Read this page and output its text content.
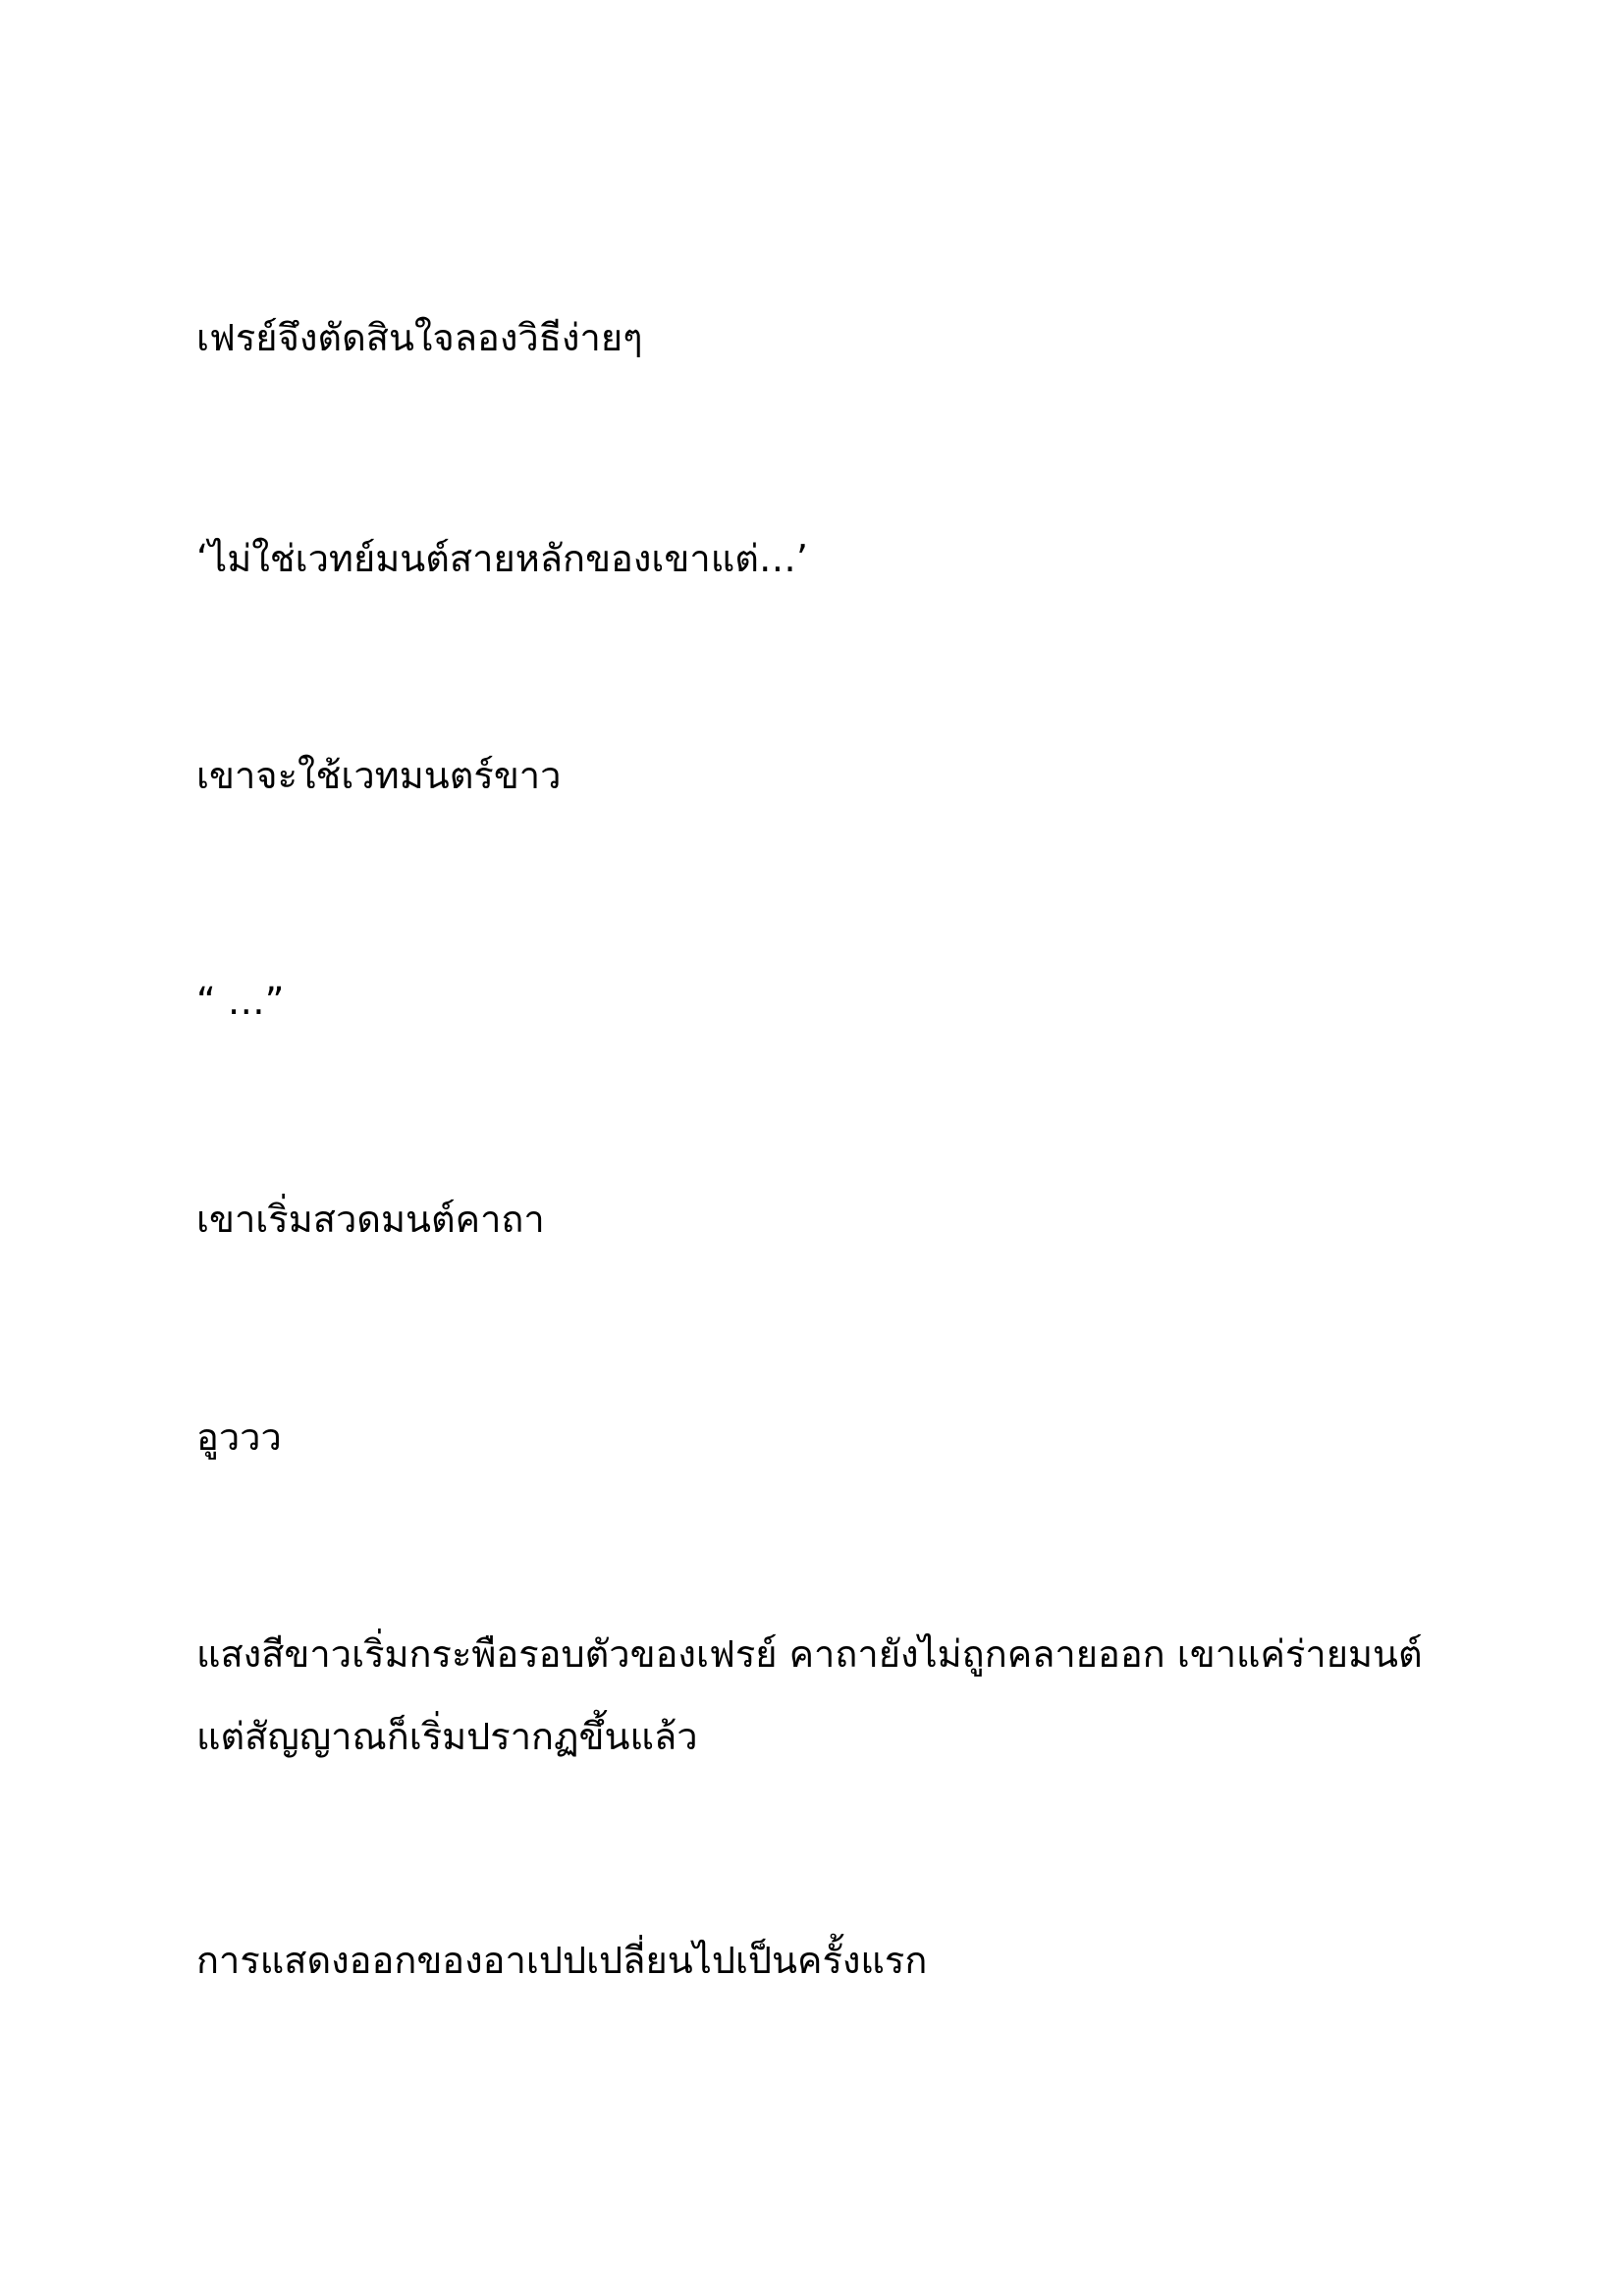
เฟรย์จึงตัดสินใจลองวิธีง่ายๆ

‘ไม่ใช่เวทย์มนต์สายหลักของเขาแต่…’

เขาจะใช้เวทมนตร์ขาว

“ …”

เขาเริ่มสวดมนต์คาถา

อูววว

แสงสีขาวเริ่มกระพือรอบตัวของเฟรย์ คาถายังไม่ถูกคลายออก เขาแค่ร่ายมนต์ แต่สัญญาณก็เริ่มปรากฏขึ้นแล้ว

การแสดงออกของอาเปปเปลี่ยนไปเป็นครั้งแรก
